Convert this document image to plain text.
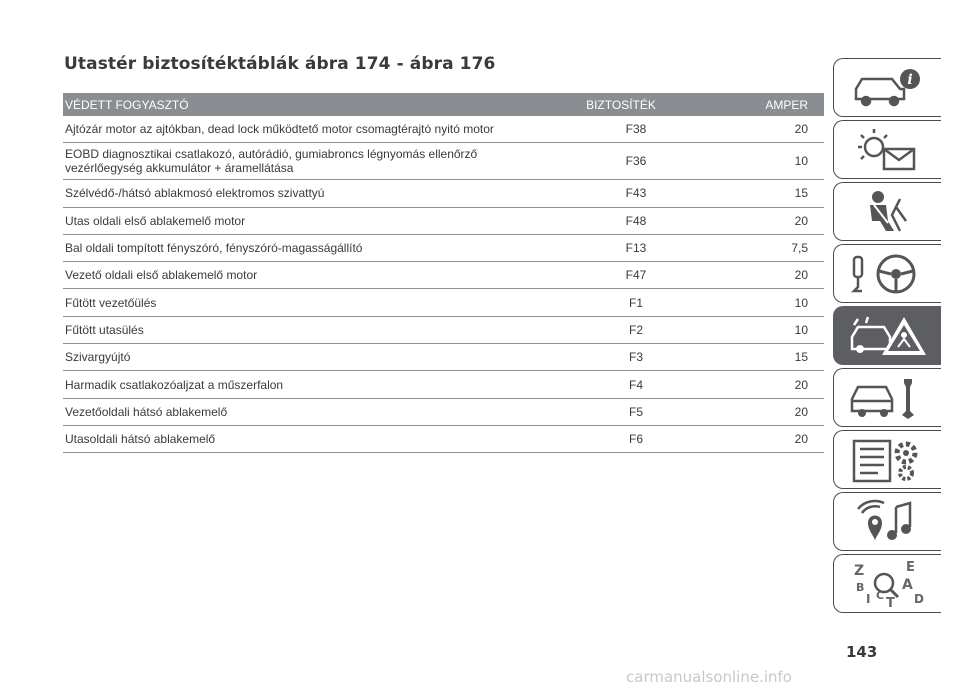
Utastér biztosítéktáblák ábra 174 - ábra 176
VÉDETT FOGYASZTÓ	BIZTOSÍTÉK	AMPER
Ajtózár motor az ajtókban, dead lock működtető motor csomagtérajtó nyitó motor	F38	20
EOBD diagnosztikai csatlakozó, autórádió, gumiabroncs légnyomás ellenőrző vezérlőegység akkumulátor + áramellátása	F36	10
Szélvédő-/hátsó ablakmosó elektromos szivattyú	F43	15
Utas oldali első ablakemelő motor	F48	20
Bal oldali tompított fényszóró, fényszóró-magasságállító	F13	7,5
Vezető oldali első ablakemelő motor	F47	20
Fűtött vezetőülés	F1	10
Fűtött utasülés	F2	10
Szivargyújtó	F3	15
Harmadik csatlakozóaljzat a műszerfalon	F4	20
Vezetőoldali hátsó ablakemelő	F5	20
Utasoldali hátsó ablakemelő	F6	20
i
Z	E
B	A
I C
T D
143
carmanualsonline.info
